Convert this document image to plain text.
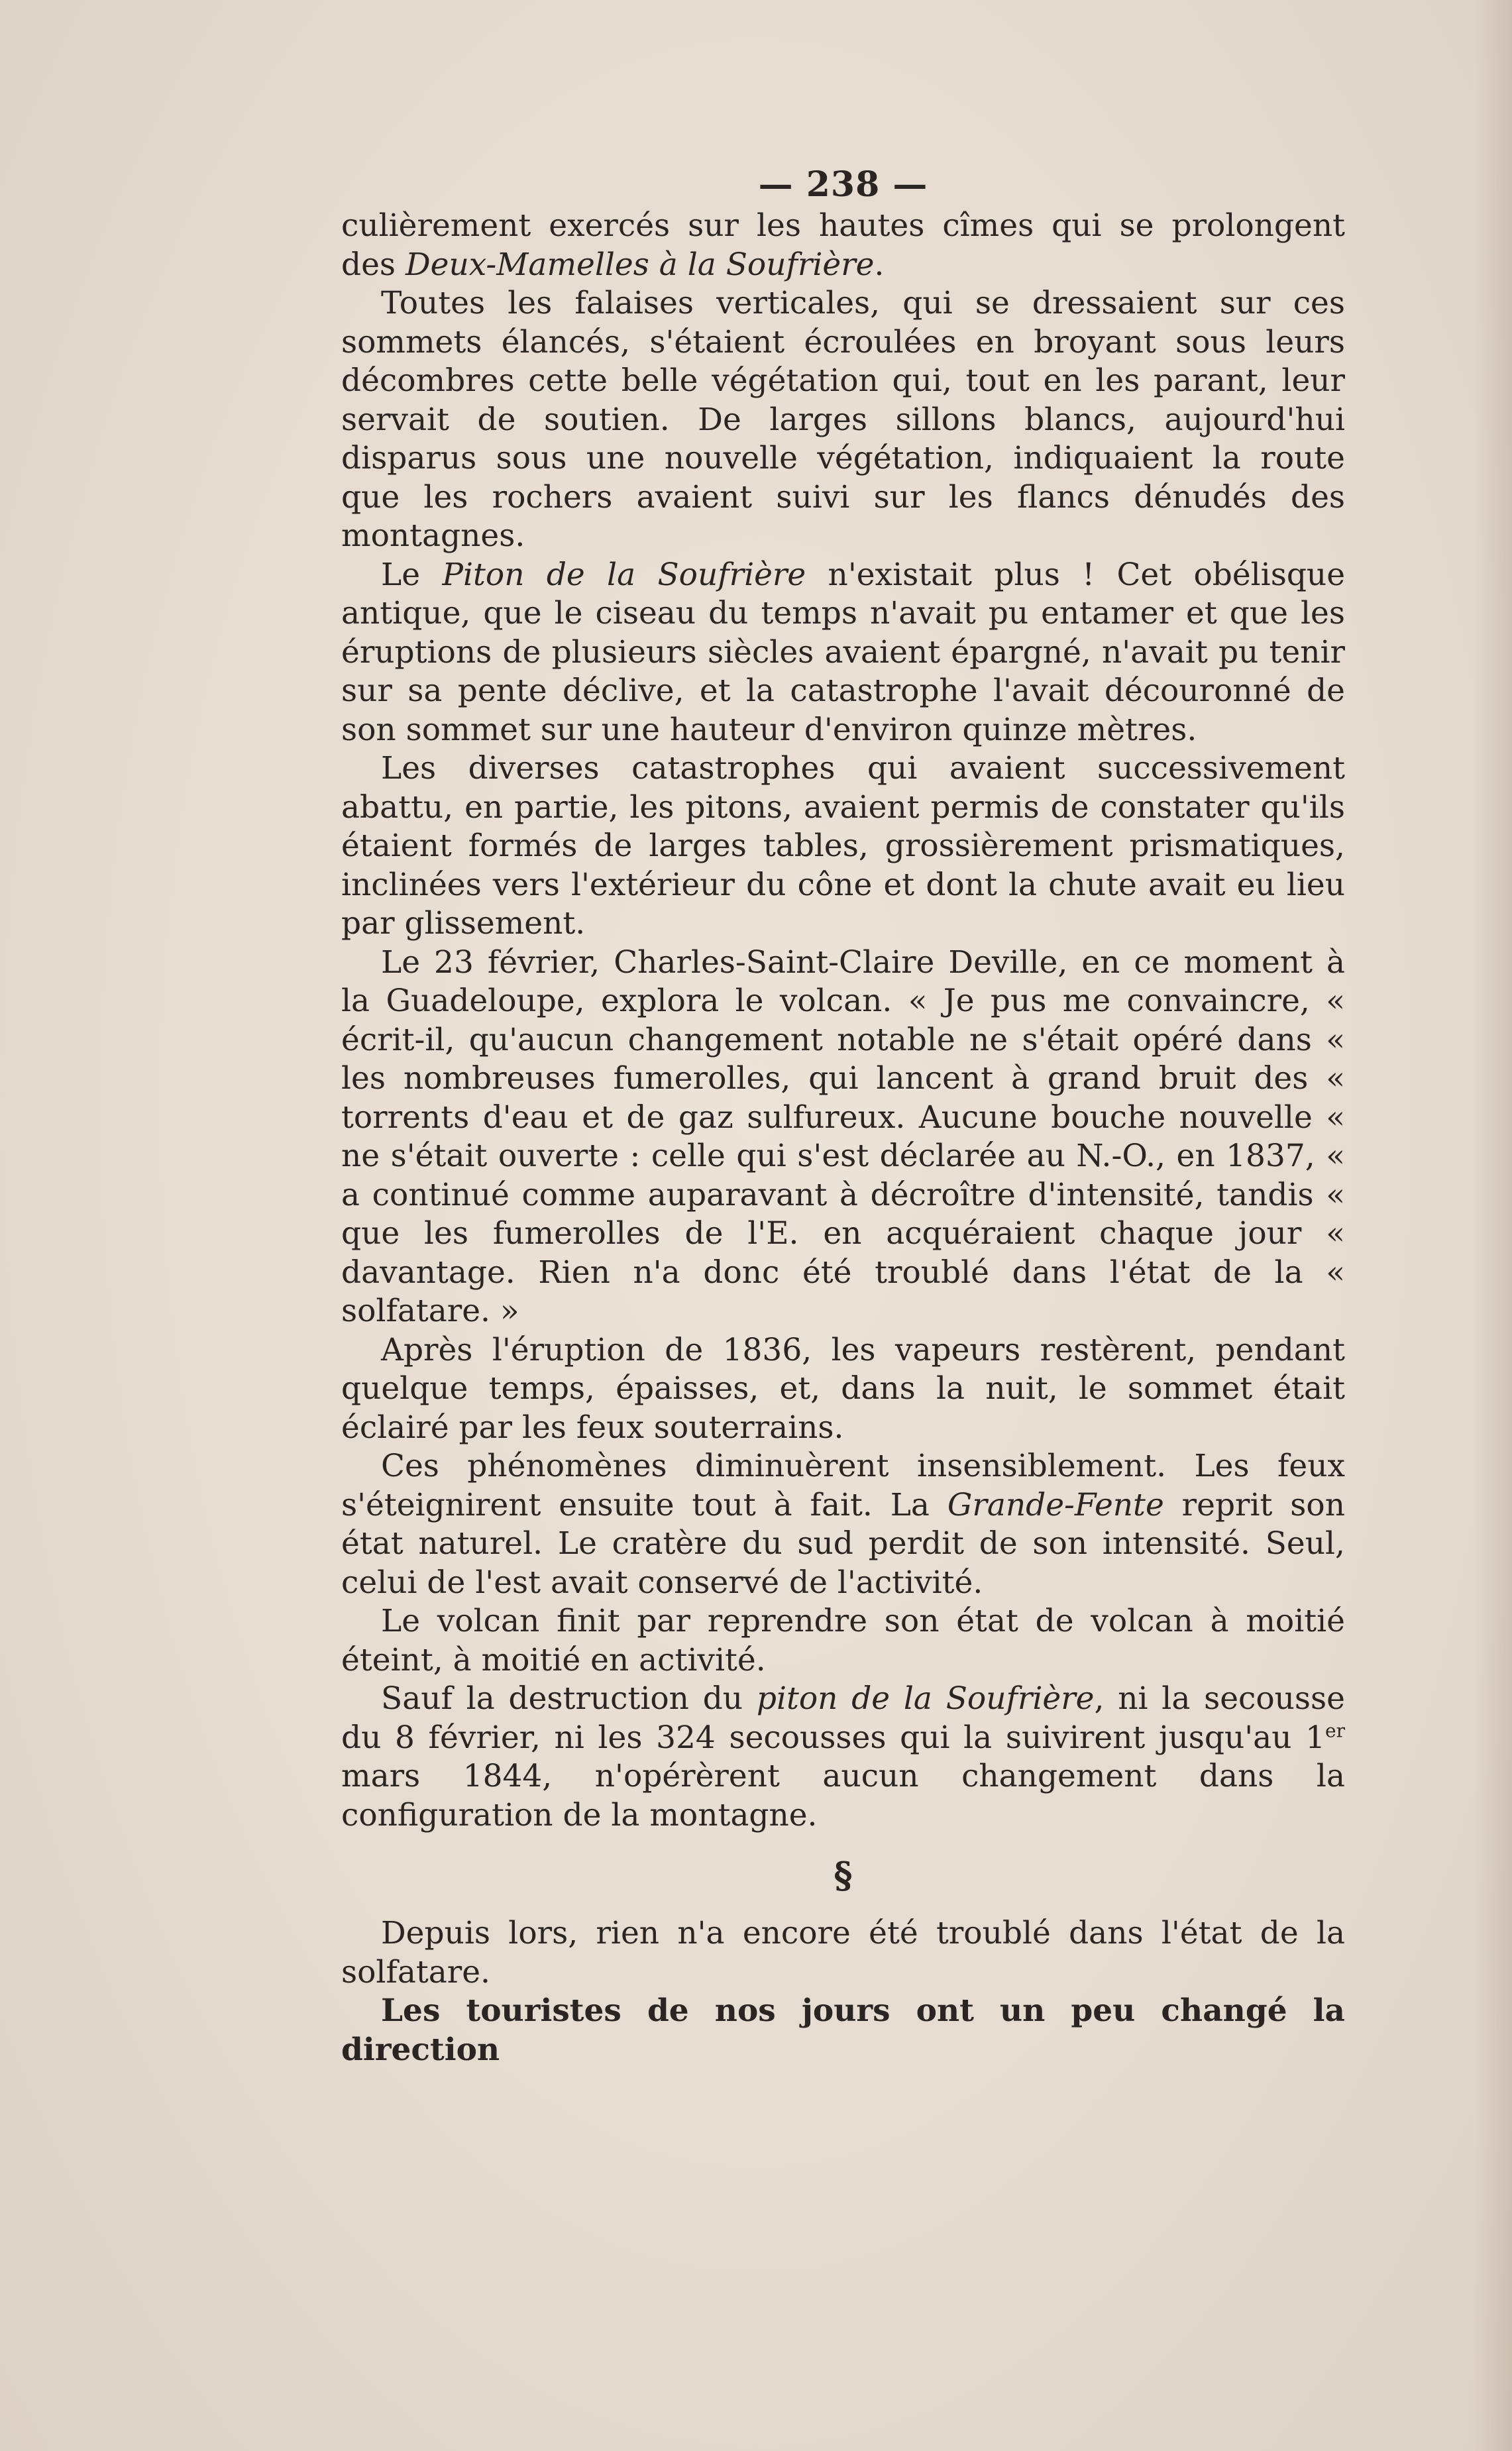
— 238 —

culièrement exercés sur les hautes cîmes qui se prolongent des Deux-Mamelles à la Soufrière.

Toutes les falaises verticales, qui se dressaient sur ces sommets élancés, s'étaient écroulées en broyant sous leurs décombres cette belle végétation qui, tout en les parant, leur servait de soutien. De larges sillons blancs, aujourd'hui disparus sous une nouvelle végétation, indiquaient la route que les rochers avaient suivi sur les flancs dénudés des montagnes.

Le Piton de la Soufrière n'existait plus ! Cet obélisque antique, que le ciseau du temps n'avait pu entamer et que les éruptions de plusieurs siècles avaient épargné, n'avait pu tenir sur sa pente déclive, et la catastrophe l'avait découronné de son sommet sur une hauteur d'environ quinze mètres.

Les diverses catastrophes qui avaient successivement abattu, en partie, les pitons, avaient permis de constater qu'ils étaient formés de larges tables, grossièrement prismatiques, inclinées vers l'extérieur du cône et dont la chute avait eu lieu par glissement.

Le 23 février, Charles-Saint-Claire Deville, en ce moment à la Guadeloupe, explora le volcan. « Je pus me convaincre, « écrit-il, qu'aucun changement notable ne s'était opéré dans « les nombreuses fumerolles, qui lancent à grand bruit des « torrents d'eau et de gaz sulfureux. Aucune bouche nouvelle « ne s'était ouverte : celle qui s'est déclarée au N.-O., en 1837, « a continué comme auparavant à décroître d'intensité, tandis « que les fumerolles de l'E. en acquéraient chaque jour « davantage. Rien n'a donc été troublé dans l'état de la « solfatare. »

Après l'éruption de 1836, les vapeurs restèrent, pendant quelque temps, épaisses, et, dans la nuit, le sommet était éclairé par les feux souterrains.

Ces phénomènes diminuèrent insensiblement. Les feux s'éteignirent ensuite tout à fait. La Grande-Fente reprit son état naturel. Le cratère du sud perdit de son intensité. Seul, celui de l'est avait conservé de l'activité.

Le volcan finit par reprendre son état de volcan à moitié éteint, à moitié en activité.

Sauf la destruction du piton de la Soufrière, ni la secousse du 8 février, ni les 324 secousses qui la suivirent jusqu'au 1er mars 1844, n'opérèrent aucun changement dans la configuration de la montagne.

§

Depuis lors, rien n'a encore été troublé dans l'état de la solfatare.

Les touristes de nos jours ont un peu changé la direction
